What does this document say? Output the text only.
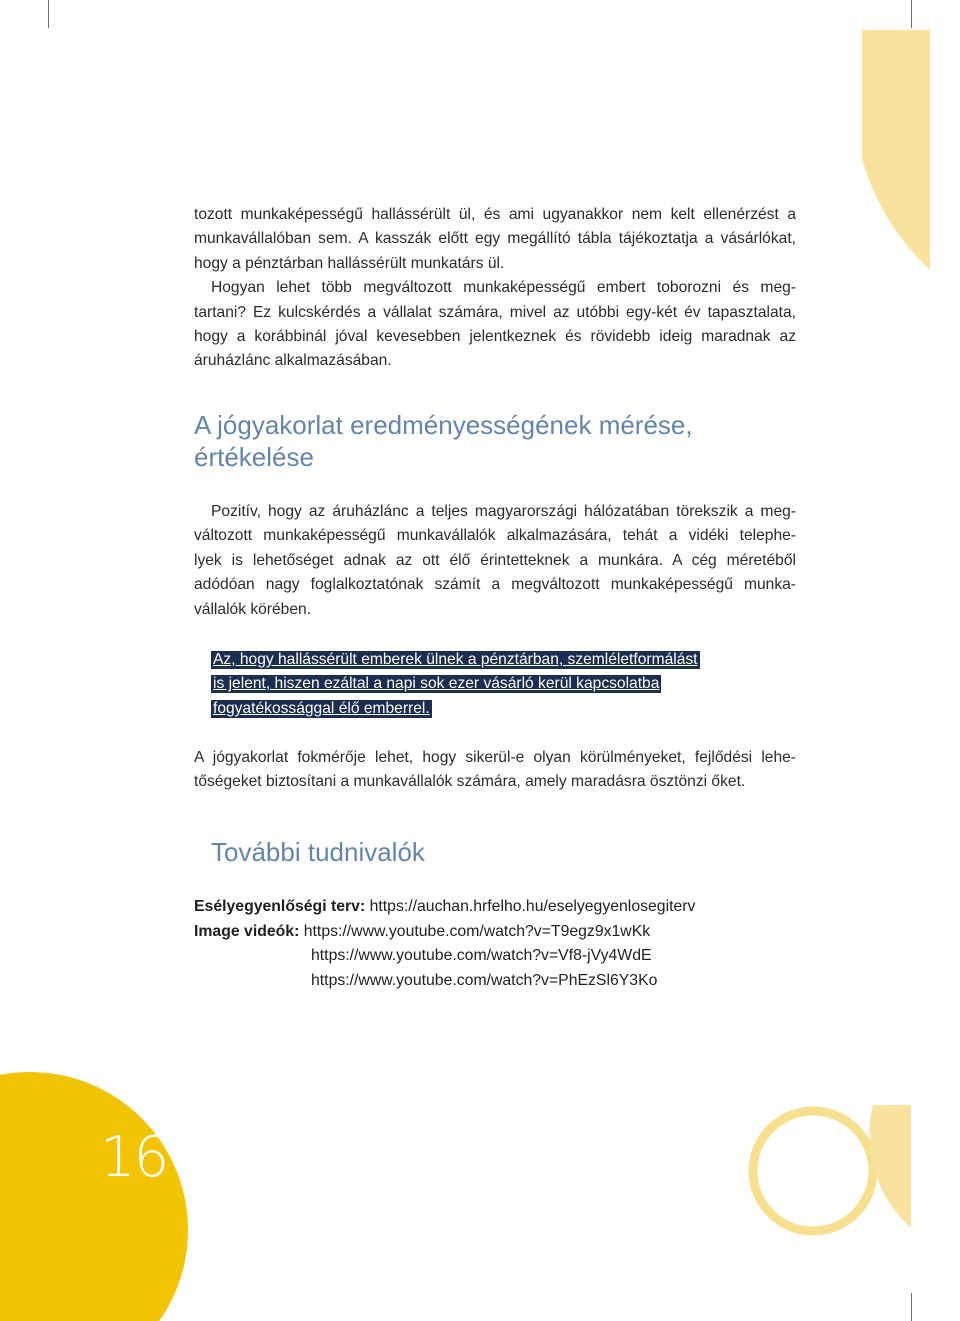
16

tozott munkaképességű hallássérült ül, és ami ugyanakkor nem kelt ellenérzést a
munkavállalóban sem. A kasszák előtt egy megállító tábla tájékoztatja a vásárlókat,
hogy a pénztárban hallássérült munkatárs ül.
Hogyan lehet több megváltozott munkaképességű embert toborozni és meg-
tartani? Ez kulcskérdés a vállalat számára, mivel az utóbbi egy-két év tapasztalata,
hogy a korábbinál jóval kevesebben jelentkeznek és rövidebb ideig maradnak az
áruházlánc alkalmazásában.

A jógyakorlat eredményességének mérése,
értékelése

Pozitív, hogy az áruházlánc a teljes magyarországi hálózatában törekszik a meg-
változott munkaképességű munkavállalók alkalmazására, tehát a vidéki telephe-
lyek is lehetőséget adnak az ott élő érintetteknek a munkára. A cég méretéből
adódóan nagy foglalkoztatónak számít a megváltozott munkaképességű munka-
vállalók körében.

Az, hogy hallássérült emberek ülnek a pénztárban, szemléletformálást
is jelent, hiszen ezáltal a napi sok ezer vásárló kerül kapcsolatba
fogyatékossággal élő emberrel.

A jógyakorlat fokmérője lehet, hogy sikerül-e olyan körülményeket, fejlődési lehe-
tőségeket biztosítani a munkavállalók számára, amely maradásra ösztönzi őket.

További tudnivalók
Esélyegyenlőségi terv: https://auchan.hrfelho.hu/eselyegyenlosegiterv
Image videók: https://www.youtube.com/watch?v=T9egz9x1wKk
https://www.youtube.com/watch?v=Vf8-jVy4WdE
https://www.youtube.com/watch?v=PhEzSl6Y3Ko
